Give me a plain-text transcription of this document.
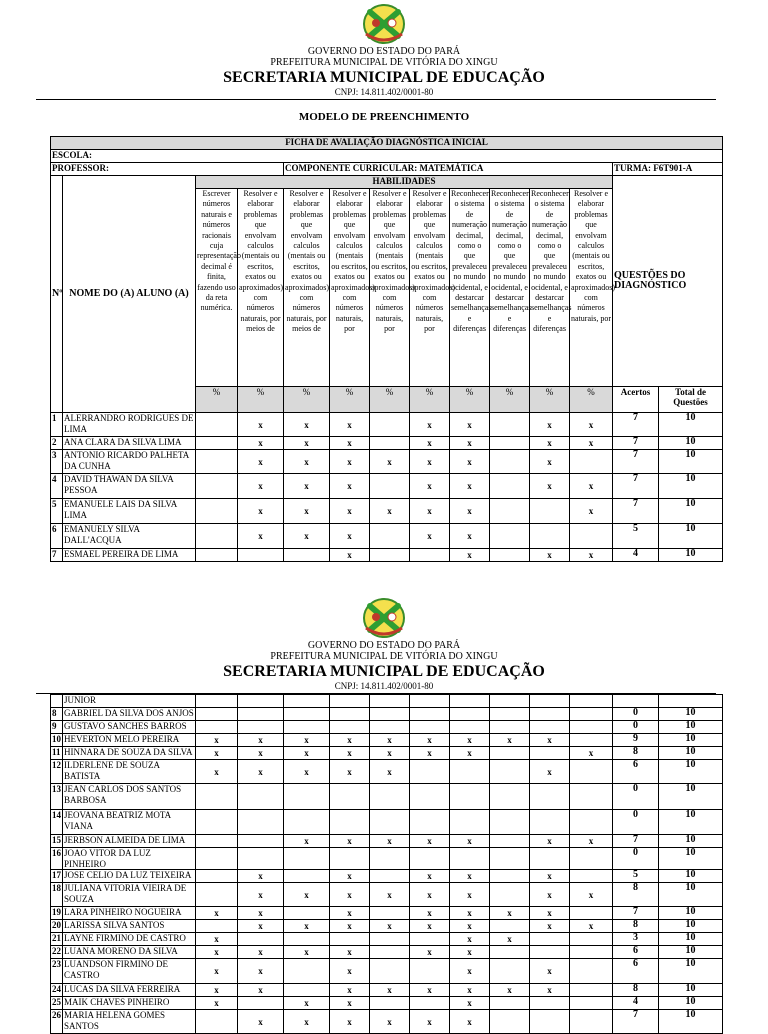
GOVERNO DO ESTADO DO PARÁ
PREFEITURA MUNICIPAL DE VITÓRIA DO XINGU
SECRETARIA MUNICIPAL DE EDUCAÇÃO
CNPJ: 14.811.402/0001-80
MODELO DE PREENCHIMENTO
FICHA DE AVALIAÇÃO DIAGNÓSTICA INICIAL													
ESCOLA:													
PROFESSOR:				COMPONENTE CURRICULAR: MATEMÁTICA								TURMA: F6T901-A	
Nº	NOME DO (A) ALUNO (A)	HABILIDADES										QUESTÕES DO DIAGNÓSTICO	
		Escrever números naturais e números racionais cuja representação decimal é finita, fazendo uso da reta numérica.	Resolver e elaborar problemas que envolvam calculos (mentais ou escritos, exatos ou aproximados) com números naturais, por meios de	Resolver e elaborar problemas que envolvam calculos (mentais ou escritos, exatos ou aproximados) com números naturais, por meios de	Resolver e elaborar problemas que envolvam calculos (mentais ou escritos, exatos ou aproximados) com números naturais, por	Resolver e elaborar problemas que envolvam calculos (mentais ou escritos, exatos ou aproximados) com números naturais, por	Resolver e elaborar problemas que envolvam calculos (mentais ou escritos, exatos ou aproximados) com números naturais, por	Reconhecer o sistema de numeração decimal, como o que prevaleceu no mundo ocidental, e destarcar semelhanças e diferenças	Reconhecer o sistema de numeração decimal, como o que prevaleceu no mundo ocidental, e destarcar semelhanças e diferenças	Reconhecer o sistema de numeração decimal, como o que prevaleceu no mundo ocidental, e destarcar semelhanças e diferenças	Resolver e elaborar problemas que envolvam calculos (mentais ou escritos, exatos ou aproximados) com números naturais, por		
		%	%	%	%	%	%	%	%	%	%	Acertos	Total de Questões
1	ALERRANDRO RODRIGUES DE LIMA		x	x	x		x	x		x	x	7	10
2	ANA CLARA DA SILVA LIMA		x	x	x		x	x		x	x	7	10
3	ANTONIO RICARDO PALHETA DA CUNHA		x	x	x	x	x	x		x		7	10
4	DAVID THAWAN DA SILVA PESSOA		x	x	x		x	x		x	x	7	10
5	EMANUELE LAIS DA SILVA LIMA		x	x	x	x	x	x			x	7	10
6	EMANUELY SILVA DALL'ACQUA		x	x	x		x	x				5	10
7	ESMAEL PEREIRA DE LIMA				x			x		x	x	4	10
GOVERNO DO ESTADO DO PARÁ
PREFEITURA MUNICIPAL DE VITÓRIA DO XINGU
SECRETARIA MUNICIPAL DE EDUCAÇÃO
CNPJ: 14.811.402/0001-80
	JUNIOR												
8	GABRIEL DA SILVA DOS ANJOS											0	10
9	GUSTAVO SANCHES BARROS											0	10
10	HEVERTON MELO PEREIRA	x	x	x	x	x	x	x	x	x		9	10
11	HINNARA DE SOUZA DA SILVA	x	x	x	x	x	x	x			x	8	10
12	ILDERLENE DE SOUZA BATISTA	x	x	x	x	x				x		6	10
13	JEAN CARLOS DOS SANTOS BARBOSA											0	10
14	JEOVANA BEATRIZ MOTA VIANA											0	10
15	JERBSON ALMEIDA DE LIMA			x	x	x	x	x		x	x	7	10
16	JOAO VITOR DA LUZ PINHEIRO											0	10
17	JOSE CELIO DA LUZ TEIXEIRA		x		x		x	x		x		5	10
18	JULIANA VITORIA VIEIRA DE SOUZA		x	x	x	x	x	x		x	x	8	10
19	LARA PINHEIRO NOGUEIRA	x	x		x		x	x	x	x		7	10
20	LARISSA SILVA SANTOS		x	x	x	x	x	x		x	x	8	10
21	LAYNE FIRMINO DE CASTRO	x						x	x			3	10
22	LUANA MORENO DA SILVA	x	x	x	x		x	x				6	10
23	LUANDSON FIRMINO DE CASTRO	x	x		x			x		x		6	10
24	LUCAS DA SILVA FERREIRA	x	x		x	x	x	x	x	x		8	10
25	MAIK CHAVES PINHEIRO	x		x	x			x				4	10
26	MARIA HELENA GOMES SANTOS		x	x	x	x	x	x				7	10
